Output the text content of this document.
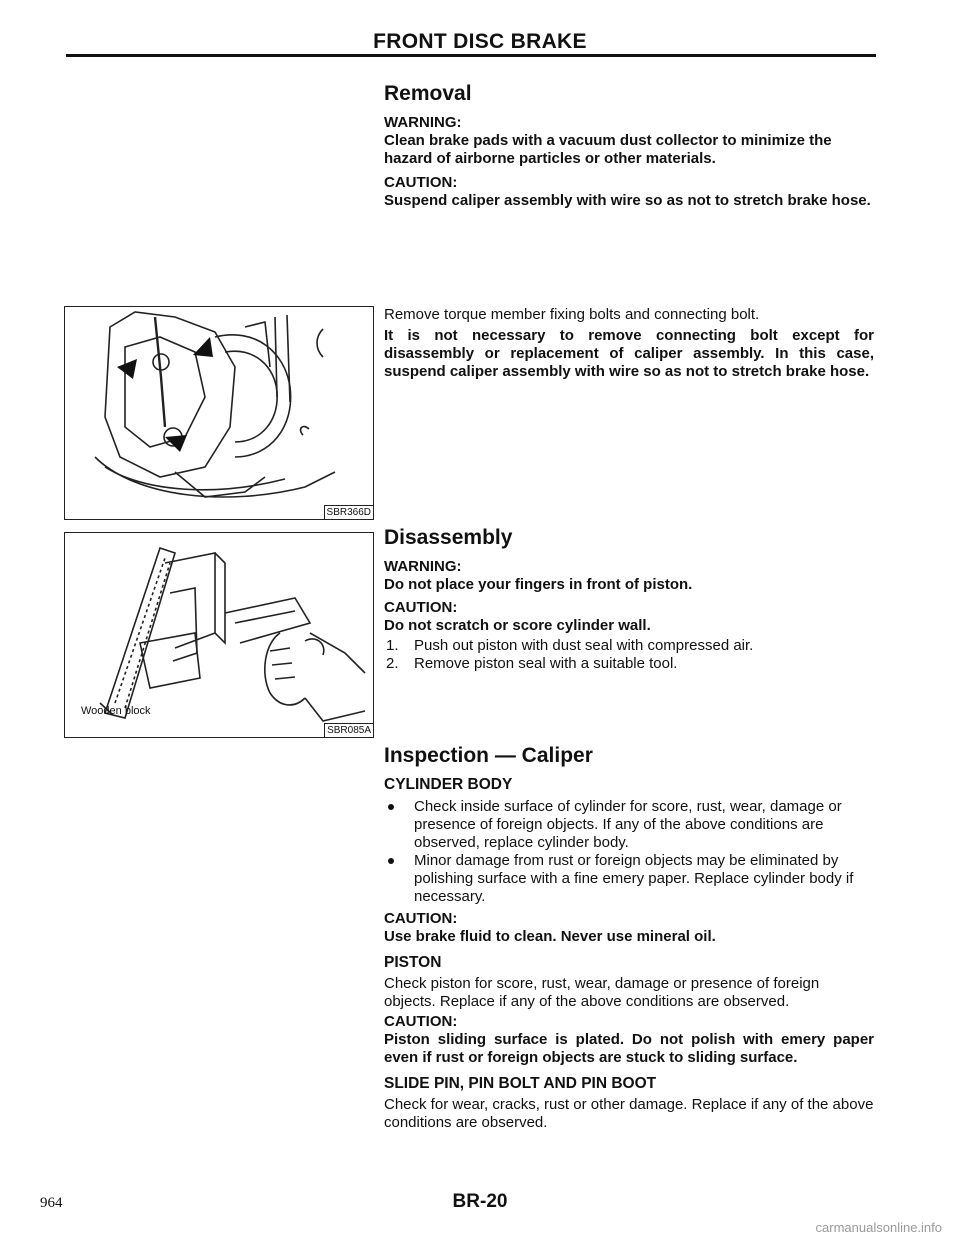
FRONT DISC BRAKE
Removal
WARNING:
Clean brake pads with a vacuum dust collector to minimize the hazard of airborne particles or other materials.
CAUTION:
Suspend caliper assembly with wire so as not to stretch brake hose.
Remove torque member fixing bolts and connecting bolt.
It is not necessary to remove connecting bolt except for disassembly or replacement of caliper assembly. In this case, suspend caliper assembly with wire so as not to stretch brake hose.
SBR366D
Wooden block
SBR085A
Disassembly
WARNING:
Do not place your fingers in front of piston.
CAUTION:
Do not scratch or score cylinder wall.
1. Push out piston with dust seal with compressed air.
2. Remove piston seal with a suitable tool.
Inspection — Caliper
CYLINDER BODY
Check inside surface of cylinder for score, rust, wear, damage or presence of foreign objects. If any of the above conditions are observed, replace cylinder body.
Minor damage from rust or foreign objects may be eliminated by polishing surface with a fine emery paper. Replace cylinder body if necessary.
CAUTION:
Use brake fluid to clean. Never use mineral oil.
PISTON
Check piston for score, rust, wear, damage or presence of foreign objects. Replace if any of the above conditions are observed.
CAUTION:
Piston sliding surface is plated. Do not polish with emery paper even if rust or foreign objects are stuck to sliding surface.
SLIDE PIN, PIN BOLT AND PIN BOOT
Check for wear, cracks, rust or other damage. Replace if any of the above conditions are observed.
964	BR-20
carmanualsonline.info
